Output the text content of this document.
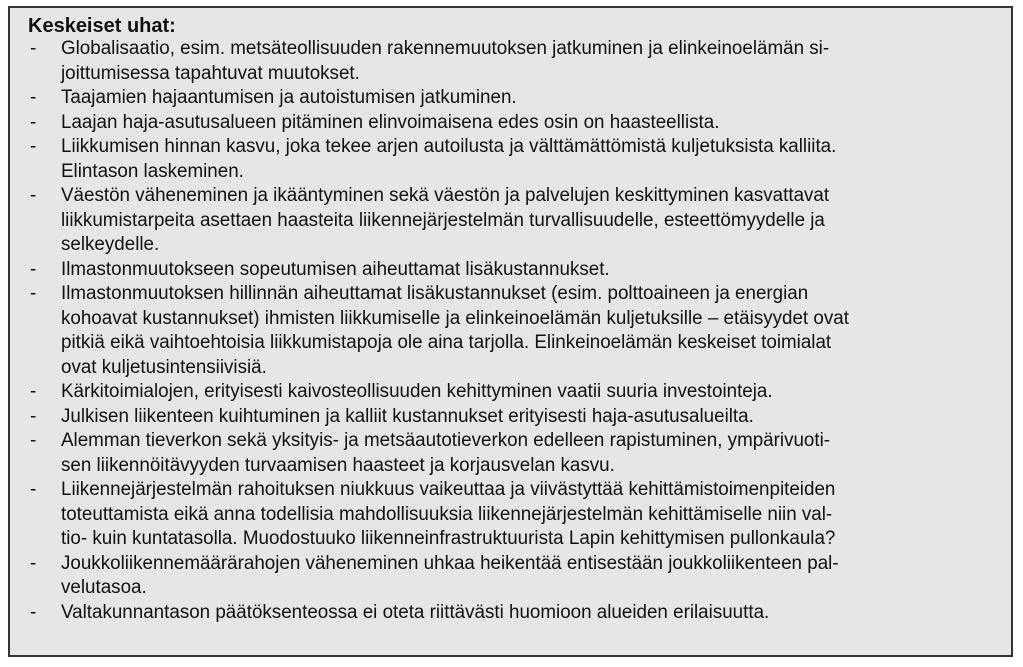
Keskeiset uhat:
- Globalisaatio, esim. metsäteollisuuden rakennemuutoksen jatkuminen ja elinkeinoelämän si-
joittumisessa tapahtuvat muutokset.
- Taajamien hajaantumisen ja autoistumisen jatkuminen.
- Laajan haja-asutusalueen pitäminen elinvoimaisena edes osin on haasteellista.
- Liikkumisen hinnan kasvu, joka tekee arjen autoilusta ja välttämättömistä kuljetuksista kalliita.
Elintason laskeminen.
- Väestön väheneminen ja ikääntyminen sekä väestön ja palvelujen keskittyminen kasvattavat
liikkumistarpeita asettaen haasteita liikennejärjestelmän turvallisuudelle, esteettömyydelle ja
selkeydelle.
- Ilmastonmuutokseen sopeutumisen aiheuttamat lisäkustannukset.
- Ilmastonmuutoksen hillinnän aiheuttamat lisäkustannukset (esim. polttoaineen ja energian
kohoavat kustannukset) ihmisten liikkumiselle ja elinkeinoelämän kuljetuksille – etäisyydet ovat
pitkiä eikä vaihtoehtoisia liikkumistapoja ole aina tarjolla. Elinkeinoelämän keskeiset toimialat
ovat kuljetusintensiivisiä.
- Kärkitoimialojen, erityisesti kaivosteollisuuden kehittyminen vaatii suuria investointeja.
- Julkisen liikenteen kuihtuminen ja kalliit kustannukset erityisesti haja-asutusalueilta.
- Alemman tieverkon sekä yksityis- ja metsäautotieverkon edelleen rapistuminen, ympärivuoti-
sen liikennöitävyyden turvaamisen haasteet ja korjausvelan kasvu.
- Liikennejärjestelmän rahoituksen niukkuus vaikeuttaa ja viivästyttää kehittämistoimenpiteiden
toteuttamista eikä anna todellisia mahdollisuuksia liikennejärjestelmän kehittämiselle niin val-
tio- kuin kuntatasolla. Muodostuuko liikenneinfrastruktuurista Lapin kehittymisen pullonkaula?
- Joukkoliikennemäärärahojen väheneminen uhkaa heikentää entisestään joukkoliikenteen pal-
velutasoa.
- Valtakunnantason päätöksenteossa ei oteta riittävästi huomioon alueiden erilaisuutta.
